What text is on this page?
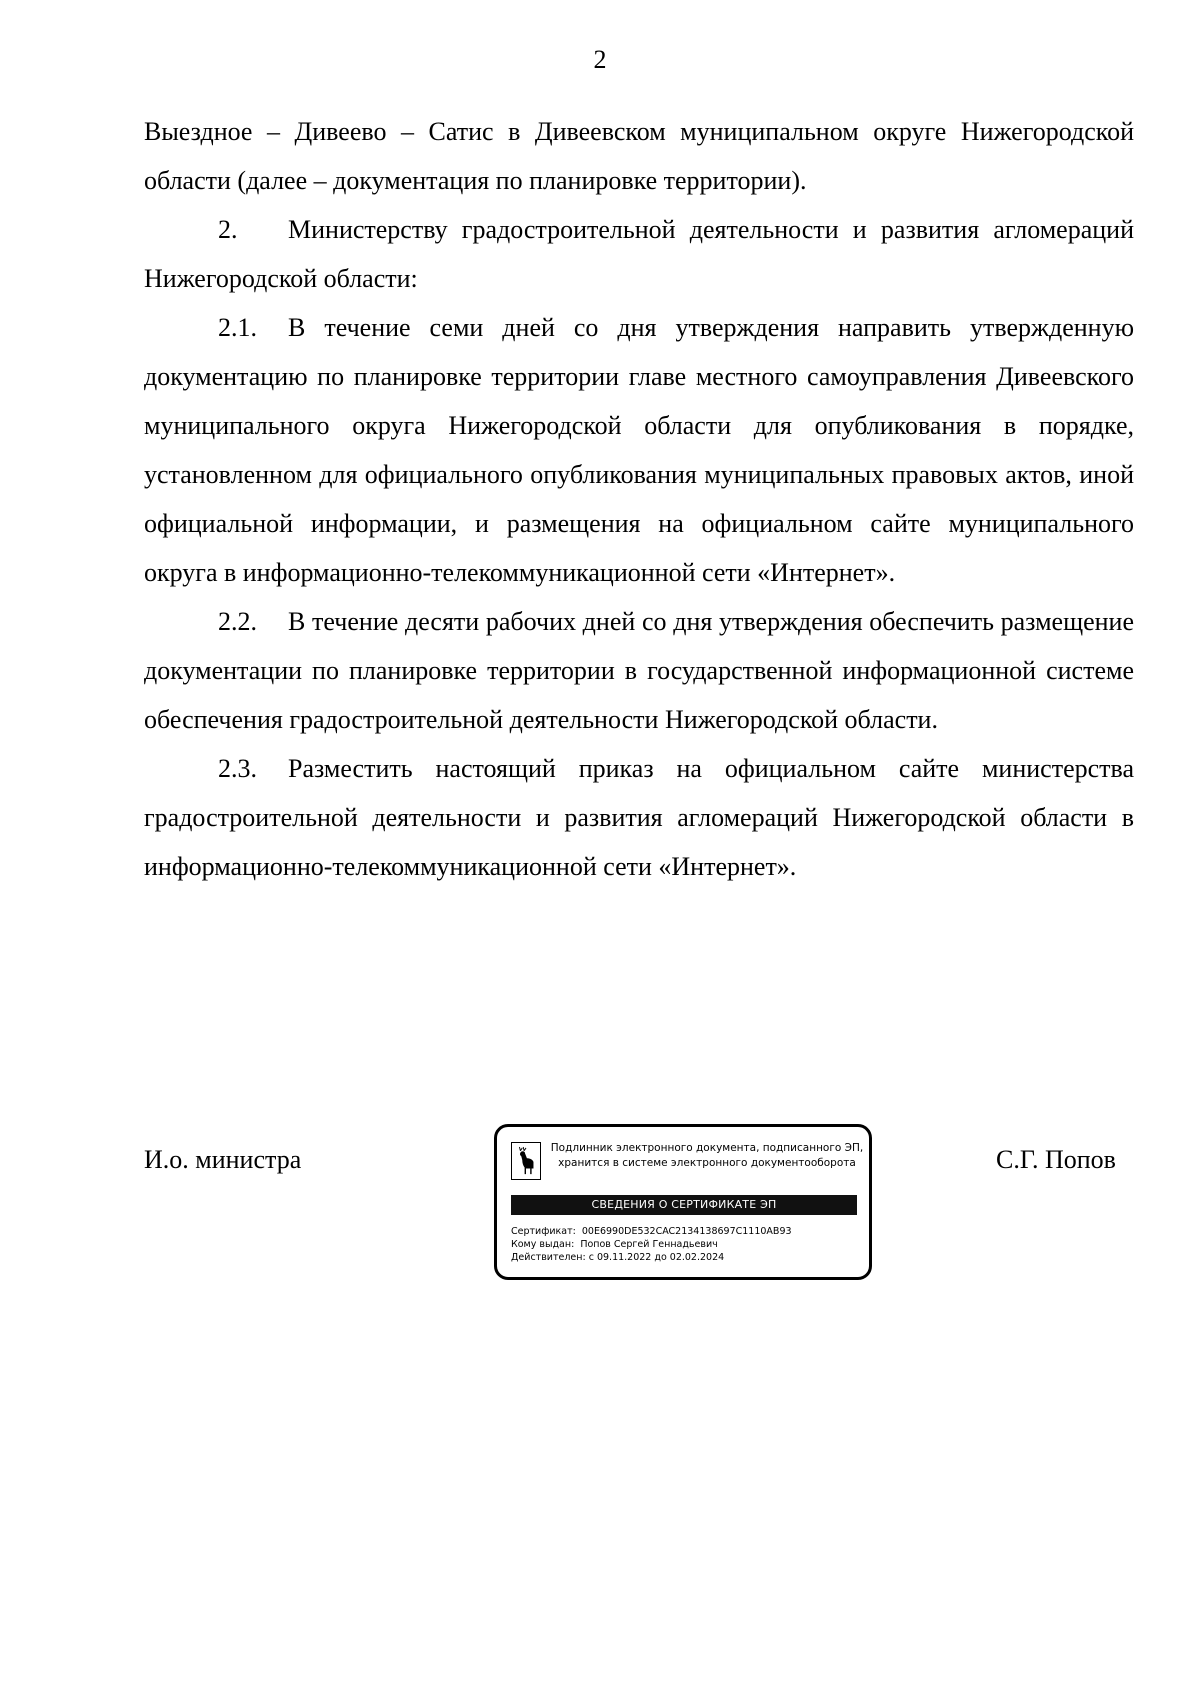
2

Выездное – Дивеево – Сатис в Дивеевском муниципальном округе Нижегородской области (далее – документация по планировке территории).

2. Министерству градостроительной деятельности и развития агломераций Нижегородской области:

2.1. В течение семи дней со дня утверждения направить утвержденную документацию по планировке территории главе местного самоуправления Дивеевского муниципального округа Нижегородской области для опубликования в порядке, установленном для официального опубликования муниципальных правовых актов, иной официальной информации, и размещения на официальном сайте муниципального округа в информационно-телекоммуникационной сети «Интернет».

2.2. В течение десяти рабочих дней со дня утверждения обеспечить размещение документации по планировке территории в государственной информационной системе обеспечения градостроительной деятельности Нижегородской области.

2.3. Разместить настоящий приказ на официальном сайте министерства градостроительной деятельности и развития агломераций Нижегородской области в информационно-телекоммуникационной сети «Интернет».

И.о. министра	Подлинник электронного документа, подписанного ЭП,
хранится в системе электронного документооборота
СВЕДЕНИЯ О СЕРТИФИКАТЕ ЭП
Сертификат: 00E6990DE532CAC2134138697C1110AB93
Кому выдан: Попов Сергей Геннадьевич
Действителен: с 09.11.2022 до 02.02.2024
С.Г. Попов
